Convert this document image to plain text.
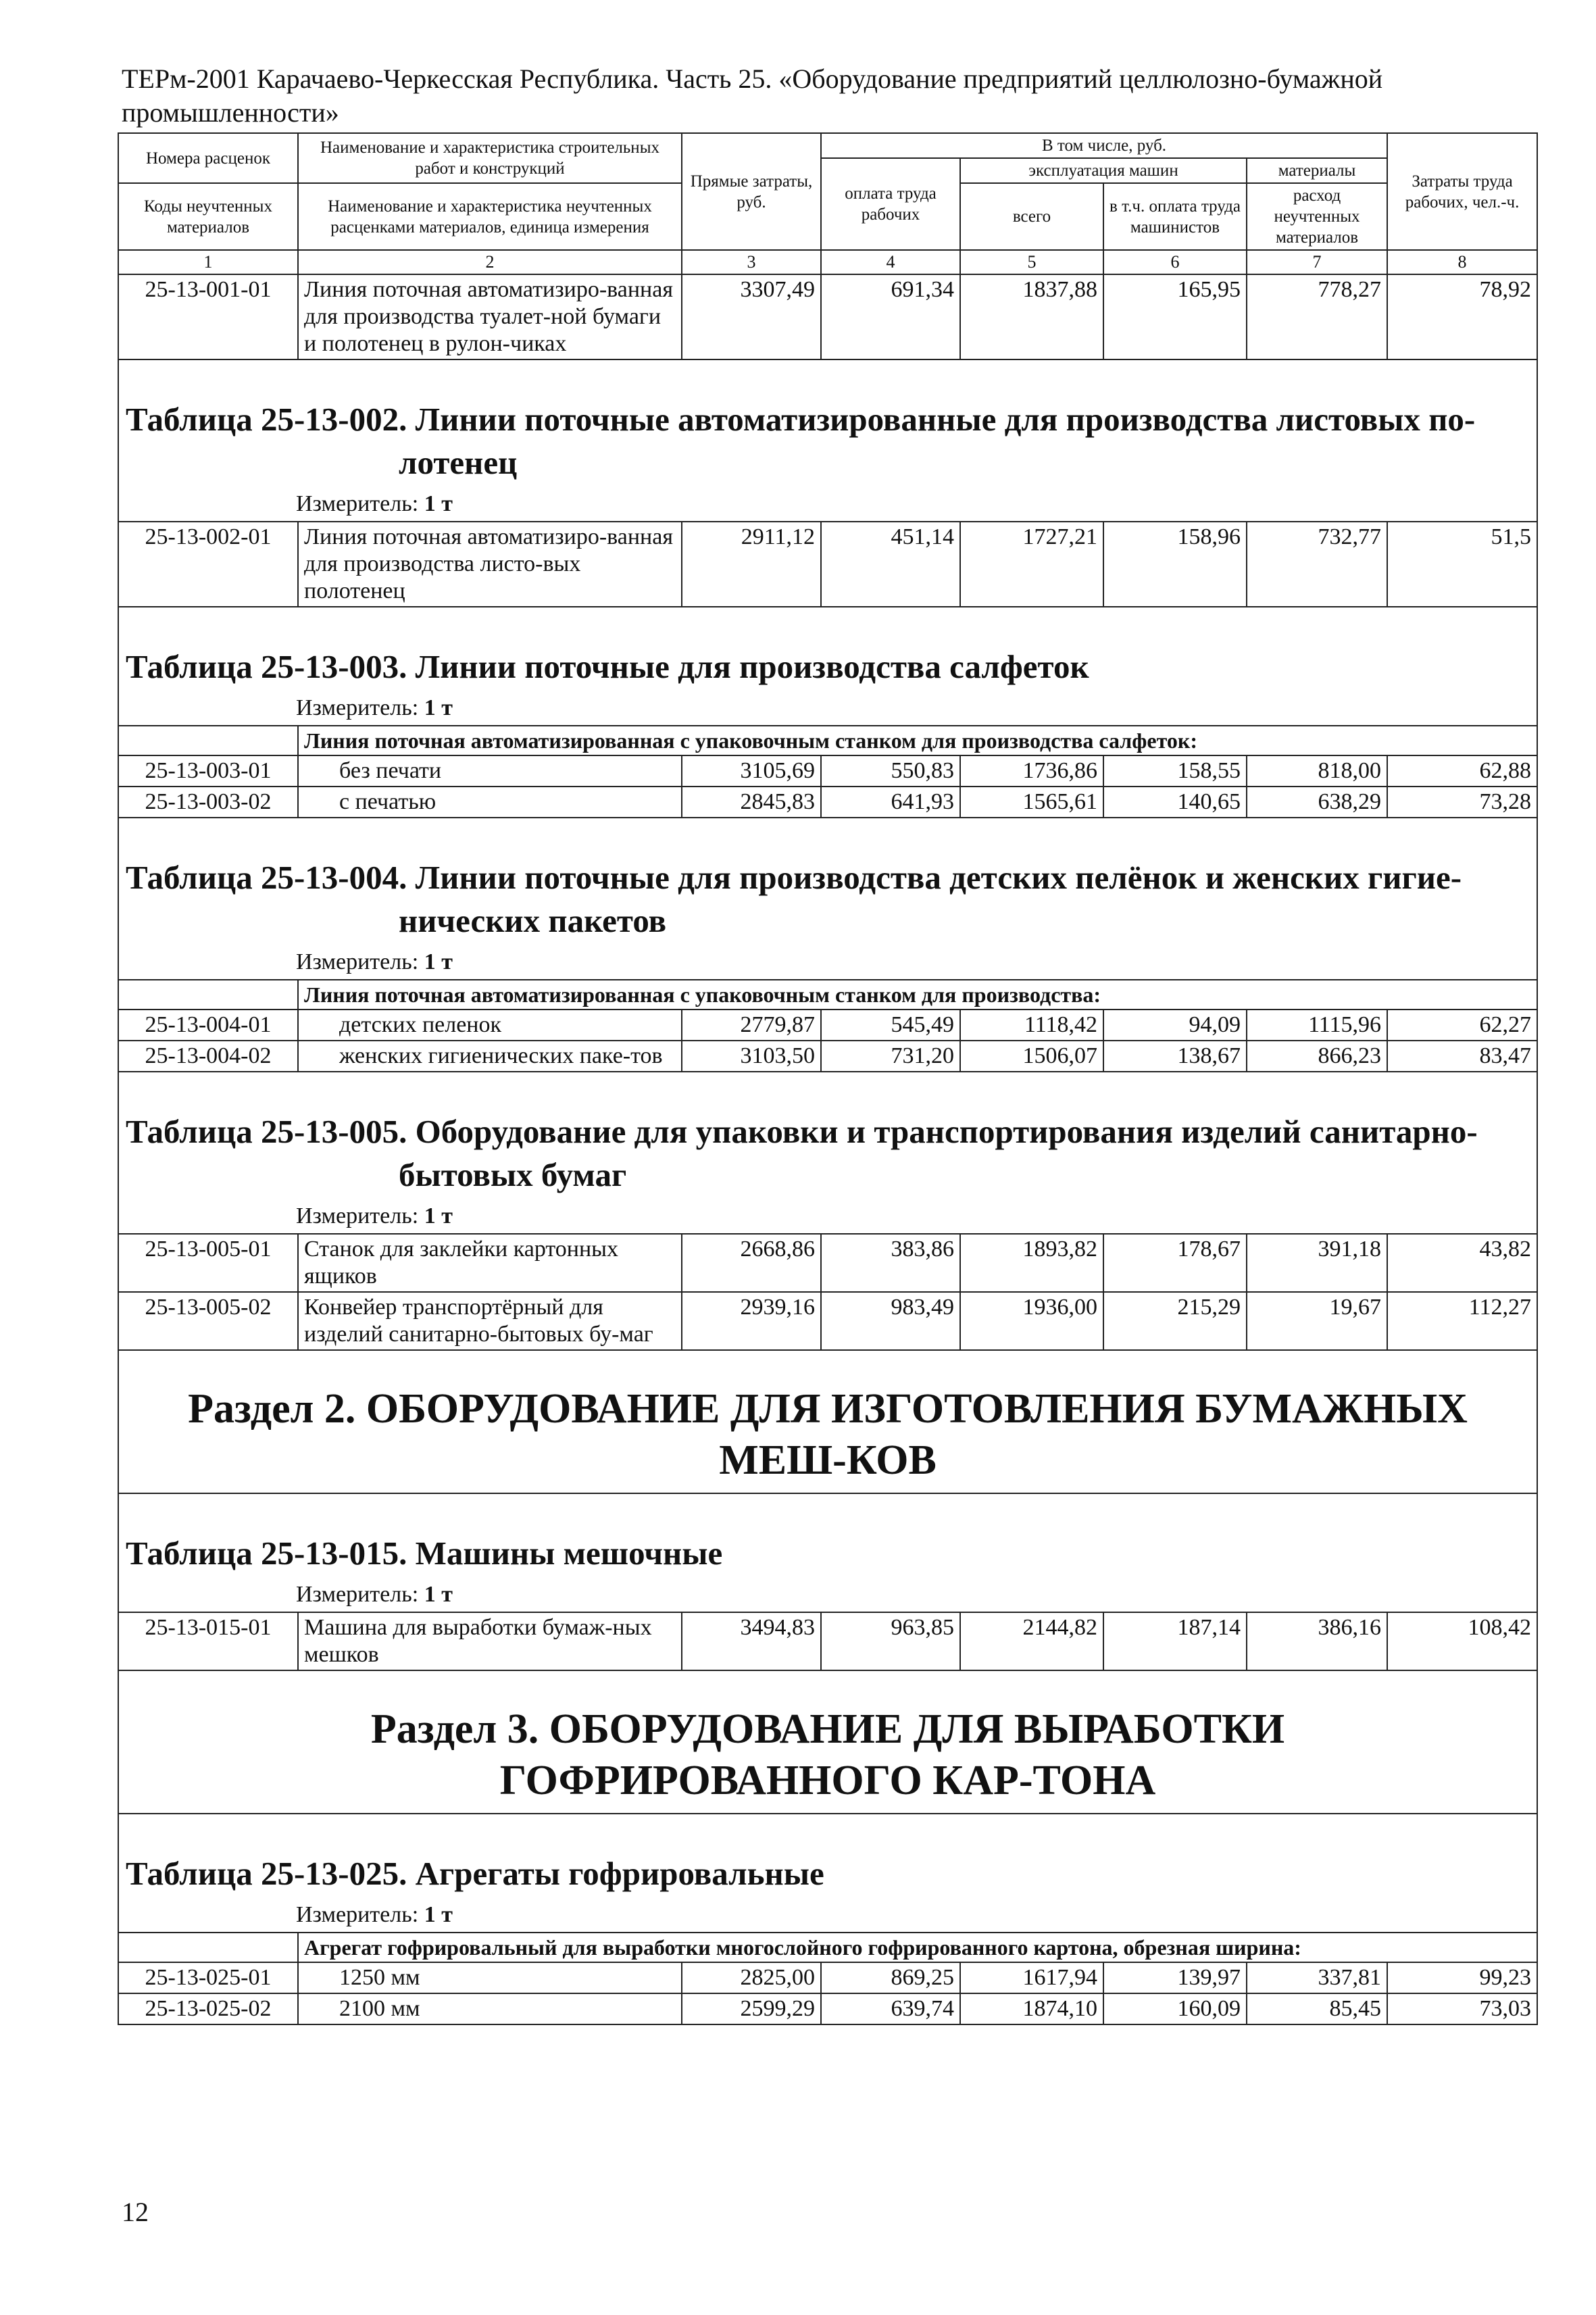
ТЕРм-2001 Карачаево-Черкесская Республика. Часть 25. «Оборудование предприятий целлюлозно-бумажной промышленности»
Номера расценок	Наименование и характеристика строительных работ и конструкций	Прямые затраты, руб.	В том числе, руб.				Затраты труда рабочих, чел.-ч.
			оплата труда рабочих	эксплуатация машин		материалы	
Коды неучтенных материалов	Наименование и характеристика неучтенных расценками материалов, единица измерения			всего	в т.ч. оплата труда машинистов	расход неучтенных материалов	

1	2	3	4	5	6	7	8
25-13-001-01	Линия поточная автоматизиро-ванная для производства туалет-ной бумаги и полотенец в рулон-чиках	3307,49	691,34	1837,88	165,95	778,27	78,92
Таблица 25-13-002. Линии поточные автоматизированные для производства листовых по-
лотенец							

Измеритель: 1 т							
25-13-002-01	Линия поточная автоматизиро-ванная для производства листо-вых полотенец	2911,12	451,14	1727,21	158,96	732,77	51,5
Таблица 25-13-003. Линии поточные для производства салфеток							
Измеритель: 1 т							
	Линия поточная автоматизированная с упаковочным станком для производства салфеток:						
25-13-003-01	без печати	3105,69	550,83	1736,86	158,55	818,00	62,88
25-13-003-02	с печатью	2845,83	641,93	1565,61	140,65	638,29	73,28
Таблица 25-13-004. Линии поточные для производства детских пелёнок и женских гигие-
нических пакетов							

Измеритель: 1 т							
	Линия поточная автоматизированная с упаковочным станком для производства:						
25-13-004-01	детских пеленок	2779,87	545,49	1118,42	94,09	1115,96	62,27
25-13-004-02	женских гигиенических паке-тов	3103,50	731,20	1506,07	138,67	866,23	83,47
Таблица 25-13-005. Оборудование для упаковки и транспортирования изделий санитарно-
бытовых бумаг							

Измеритель: 1 т							
25-13-005-01	Станок для заклейки картонных ящиков	2668,86	383,86	1893,82	178,67	391,18	43,82
25-13-005-02	Конвейер транспортёрный для изделий санитарно-бытовых бу-маг	2939,16	983,49	1936,00	215,29	19,67	112,27
Раздел 2. ОБОРУДОВАНИЕ ДЛЯ ИЗГОТОВЛЕНИЯ БУМАЖНЫХ МЕШ-КОВ							
Таблица 25-13-015. Машины мешочные							
Измеритель: 1 т							
25-13-015-01	Машина для выработки бумаж-ных мешков	3494,83	963,85	2144,82	187,14	386,16	108,42
Раздел 3. ОБОРУДОВАНИЕ ДЛЯ ВЫРАБОТКИ ГОФРИРОВАННОГО КАР-ТОНА							
Таблица 25-13-025. Агрегаты гофрировальные							
Измеритель: 1 т							
	Агрегат гофрировальный для выработки многослойного гофрированного картона, обрезная ширина:						
25-13-025-01	1250 мм	2825,00	869,25	1617,94	139,97	337,81	99,23
25-13-025-02	2100 мм	2599,29	639,74	1874,10	160,09	85,45	73,03
12
